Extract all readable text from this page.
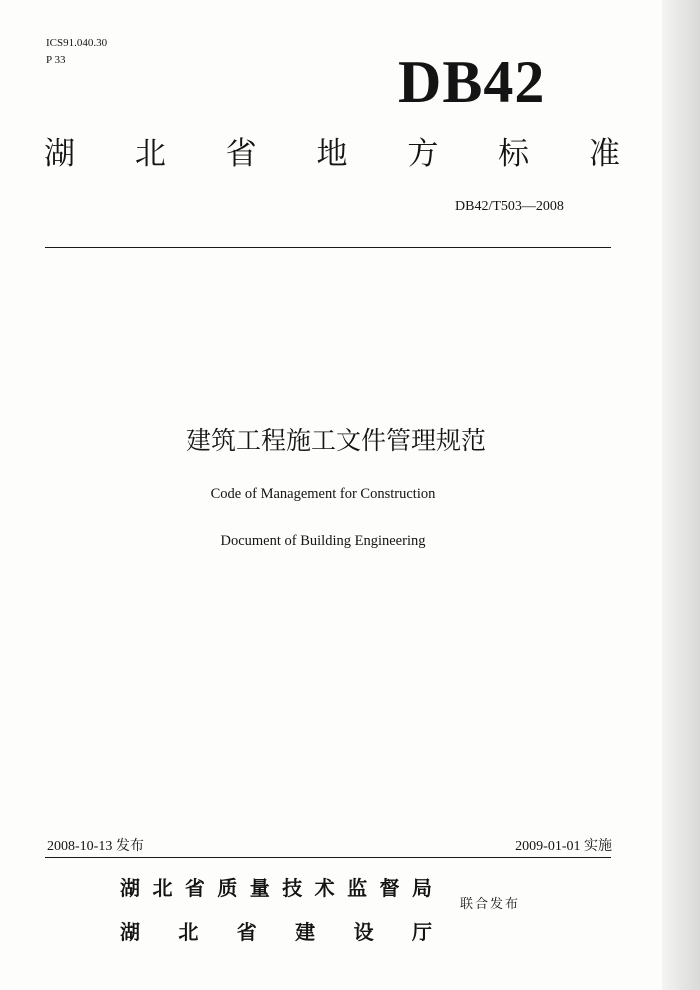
ICS91.040.30
P 33	DB42
湖 北 省 地 方 标 准
DB42/T503—2008
建筑工程施工文件管理规范
Code of Management for Construction
Document of Building Engineering
2008-10-13 发布	2009-01-01 实施
湖 北 省 质 量 技 术 监 督 局
湖 北 省 建 设 厅
联合发布
